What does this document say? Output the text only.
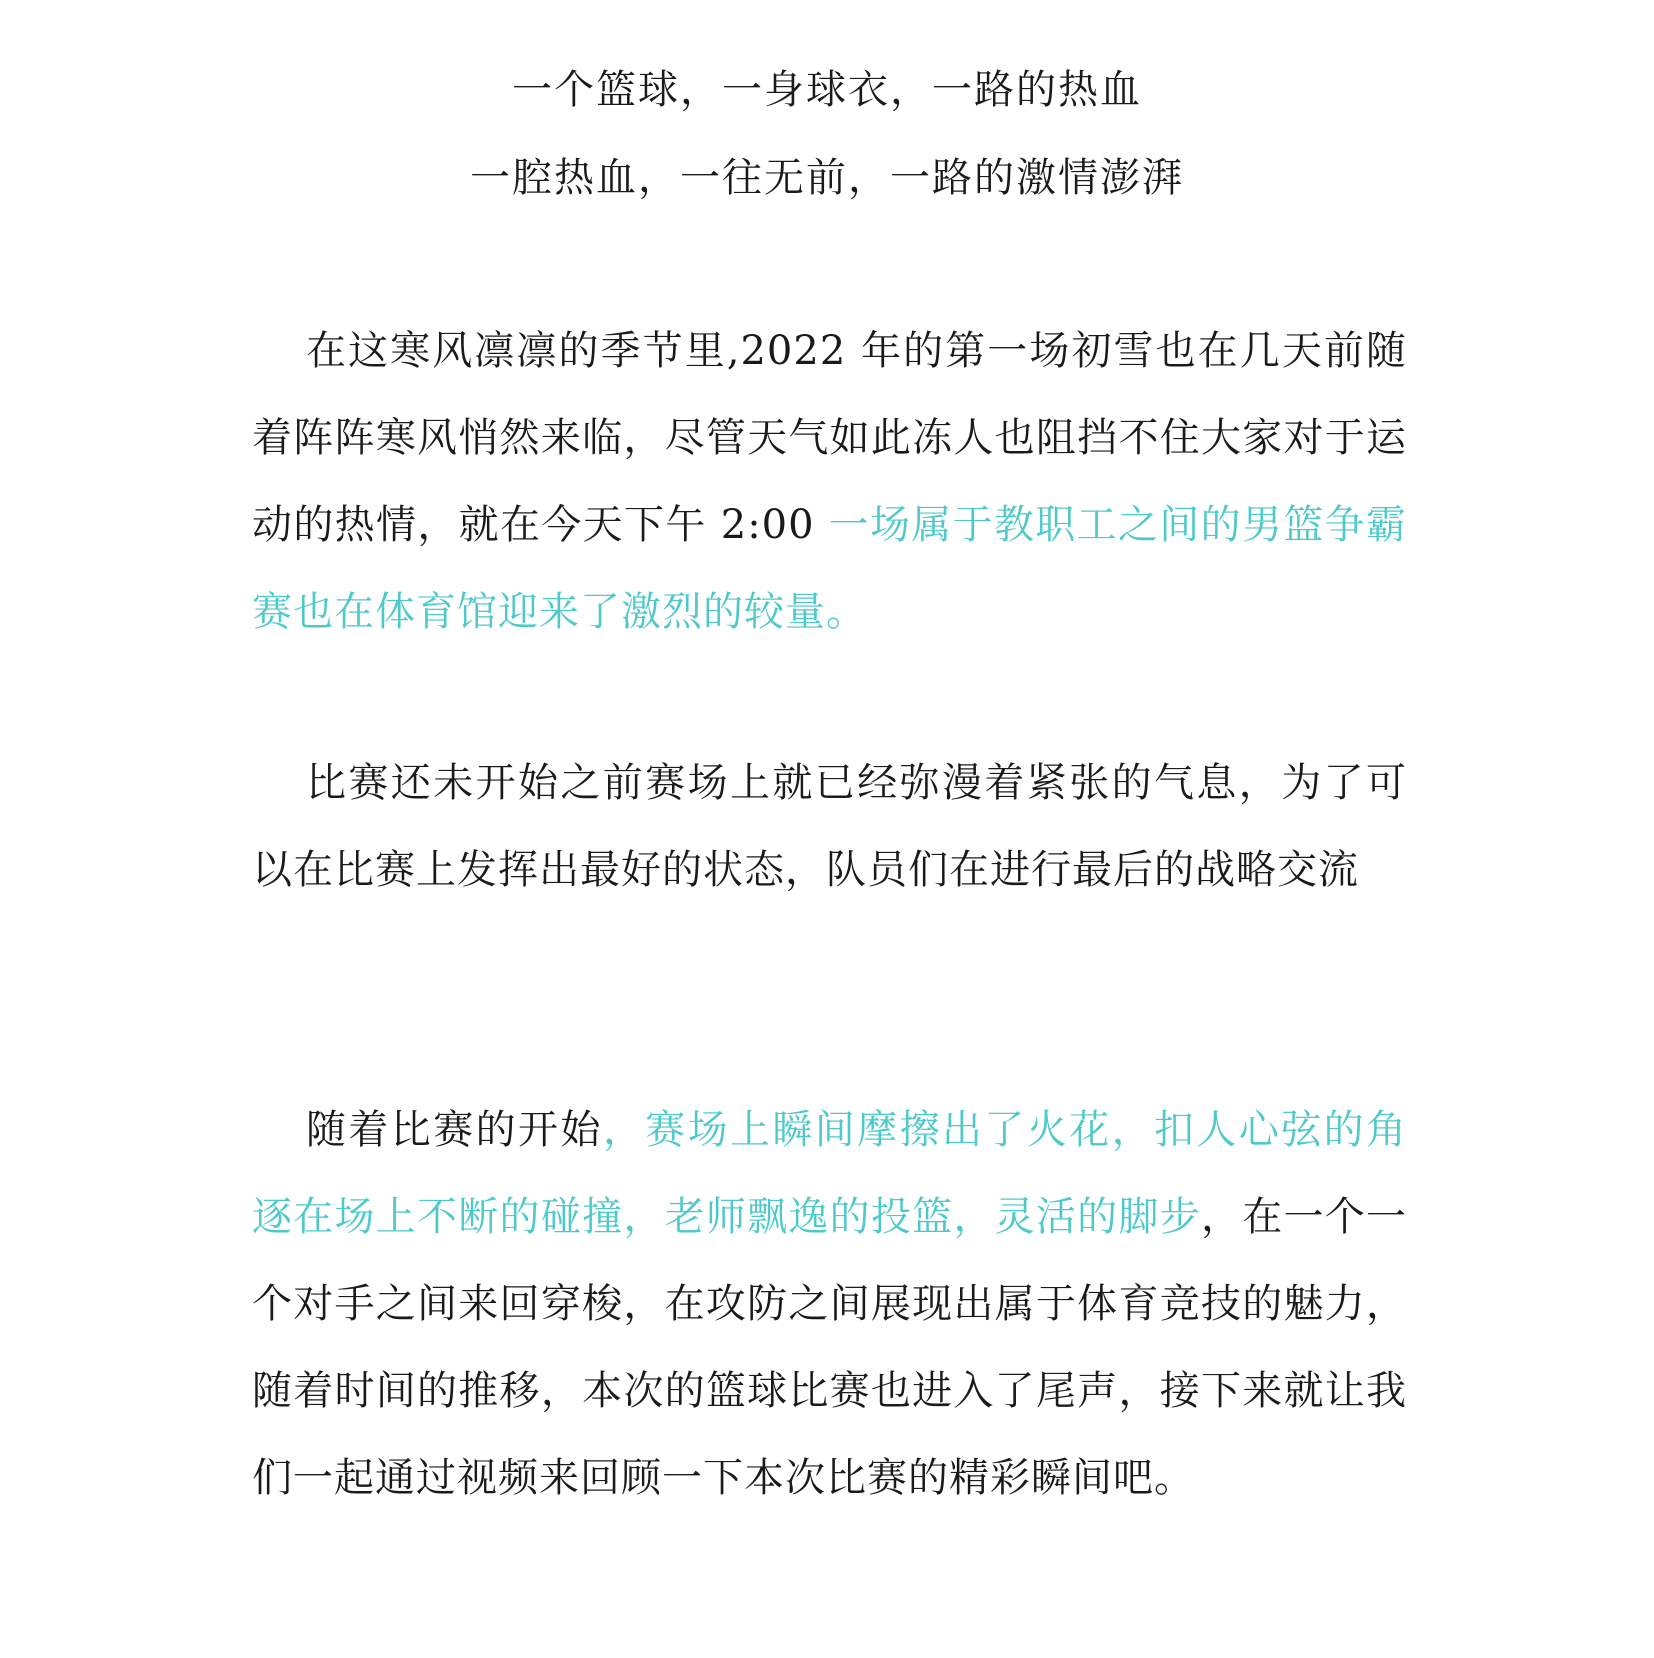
一个篮球，一身球衣，一路的热血
一腔热血，一往无前，一路的激情澎湃

在这寒风凛凛的季节里,2022 年的第一场初雪也在几天前随着阵阵寒风悄然来临，尽管天气如此冻人也阻挡不住大家对于运动的热情，就在今天下午 2:00 一场属于教职工之间的男篮争霸赛也在体育馆迎来了激烈的较量。

比赛还未开始之前赛场上就已经弥漫着紧张的气息，为了可以在比赛上发挥出最好的状态，队员们在进行最后的战略交流

随着比赛的开始，赛场上瞬间摩擦出了火花，扣人心弦的角逐在场上不断的碰撞，老师飘逸的投篮，灵活的脚步，在一个一个对手之间来回穿梭，在攻防之间展现出属于体育竞技的魅力，随着时间的推移，本次的篮球比赛也进入了尾声，接下来就让我们一起通过视频来回顾一下本次比赛的精彩瞬间吧。
